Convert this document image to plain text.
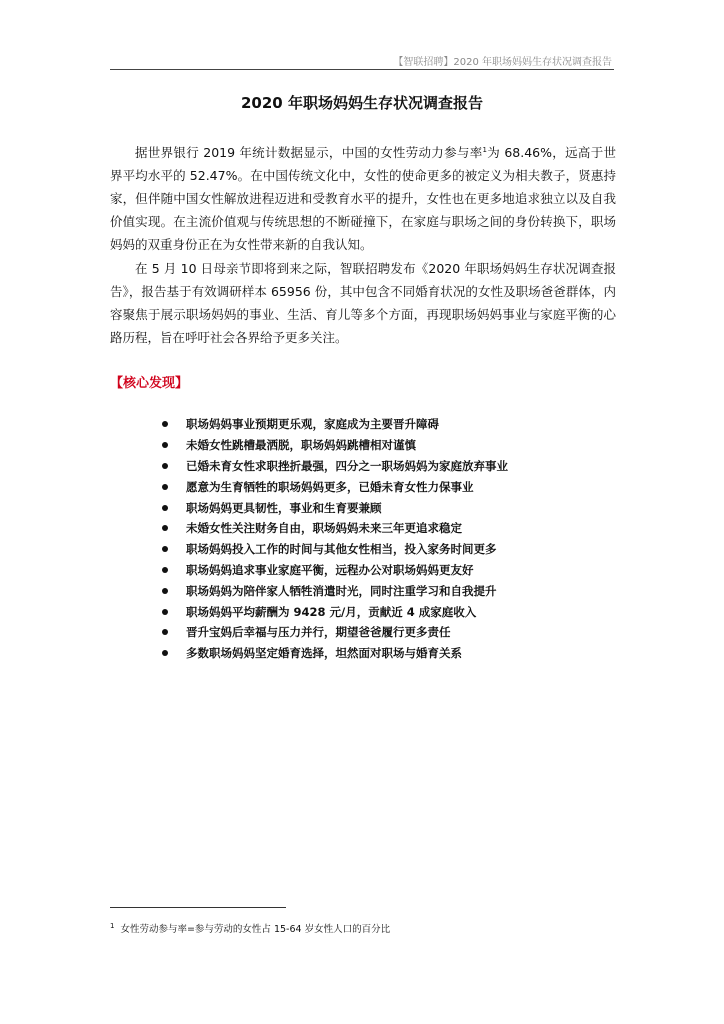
【智联招聘】2020 年职场妈妈生存状况调查报告
2020 年职场妈妈生存状况调查报告

据世界银行 2019 年统计数据显示，中国的女性劳动力参与率$^1$为 68.46%，远高于世界平均水平的 52.47%。在中国传统文化中，女性的使命更多的被定义为相夫教子，贤惠持家，但伴随中国女性解放进程迈进和受教育水平的提升，女性也在更多地追求独立以及自我价值实现。在主流价值观与传统思想的不断碰撞下，在家庭与职场之间的身份转换下，职场妈妈的双重身份正在为女性带来新的自我认知。

在 5 月 10 日母亲节即将到来之际，智联招聘发布《2020 年职场妈妈生存状况调查报告》，报告基于有效调研样本 65956 份，其中包含不同婚育状况的女性及职场爸爸群体，内容聚焦于展示职场妈妈的事业、生活、育儿等多个方面，再现职场妈妈事业与家庭平衡的心路历程，旨在呼吁社会各界给予更多关注。

【核心发现】
职场妈妈事业预期更乐观，家庭成为主要晋升障碍
未婚女性跳槽最洒脱，职场妈妈跳槽相对谨慎
已婚未育女性求职挫折最强，四分之一职场妈妈为家庭放弃事业
愿意为生育牺牲的职场妈妈更多，已婚未育女性力保事业
职场妈妈更具韧性，事业和生育要兼顾
未婚女性关注财务自由，职场妈妈未来三年更追求稳定
职场妈妈投入工作的时间与其他女性相当，投入家务时间更多
职场妈妈追求事业家庭平衡，远程办公对职场妈妈更友好
职场妈妈为陪伴家人牺牲消遣时光，同时注重学习和自我提升
职场妈妈平均薪酬为 9428 元/月，贡献近 4 成家庭收入
晋升宝妈后幸福与压力并行，期望爸爸履行更多责任
多数职场妈妈坚定婚育选择，坦然面对职场与婚育关系
$^1$ 女性劳动参与率=参与劳动的女性占 15-64 岁女性人口的百分比
